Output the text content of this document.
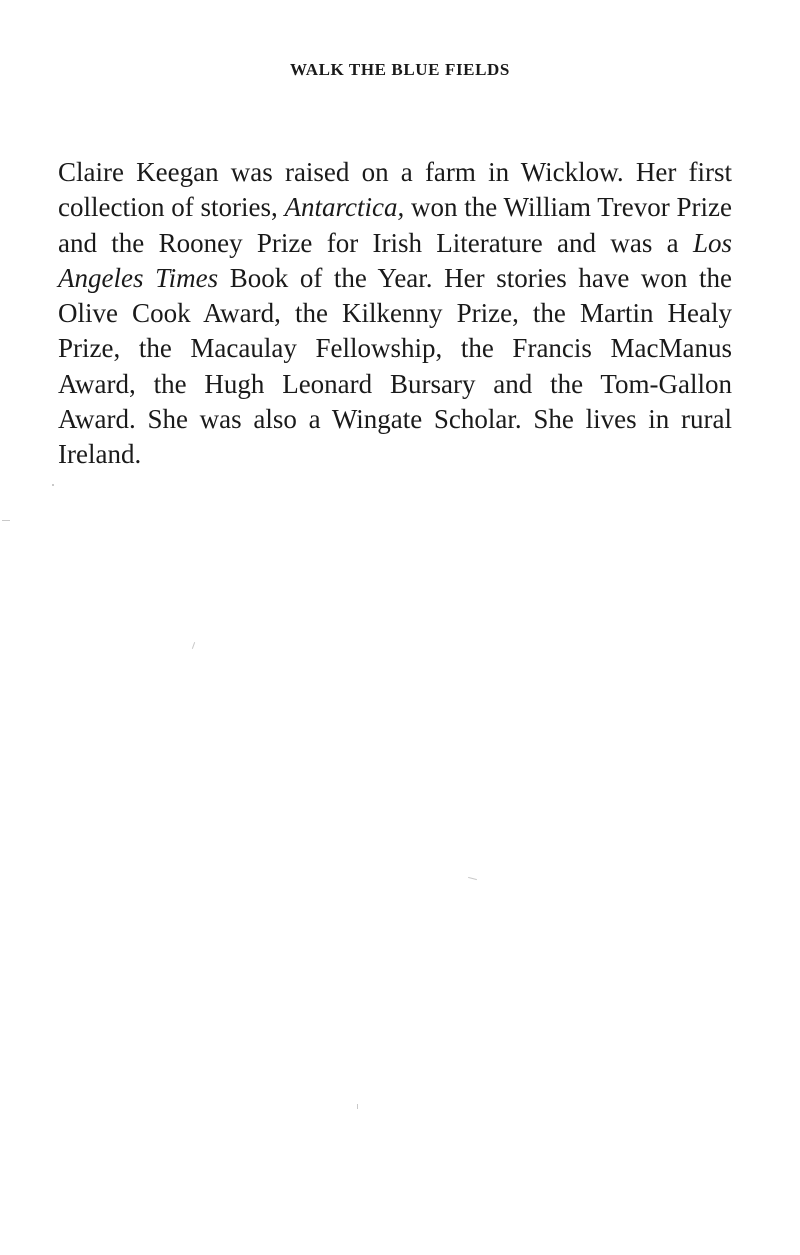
WALK THE BLUE FIELDS

Claire Keegan was raised on a farm in Wicklow. Her first collection of stories, Antarctica, won the William Trevor Prize and the Rooney Prize for Irish Literature and was a Los Angeles Times Book of the Year. Her stories have won the Olive Cook Award, the Kilkenny Prize, the Martin Healy Prize, the Macaulay Fellowship, the Francis MacManus Award, the Hugh Leonard Bursary and the Tom-Gallon Award. She was also a Wingate Scholar. She lives in rural Ireland.
